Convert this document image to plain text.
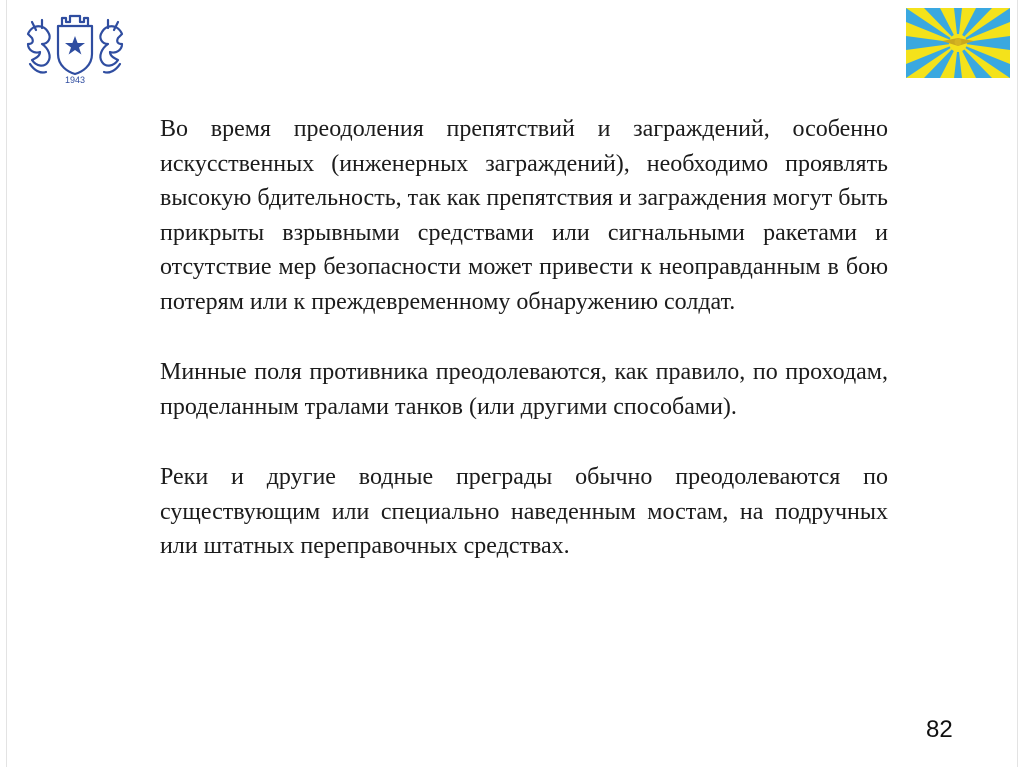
1943

Во время преодоления препятствий и заграждений, особенно искусственных (инженерных заграждений), необходимо проявлять высокую бдительность, так как препятствия и заграждения могут быть прикрыты взрывными средствами или сигнальными ракетами и отсутствие мер безопасности может привести к неоправданным в бою потерям или к преждевременному обнаружению солдат.

Минные поля противника преодолеваются, как правило, по проходам, проделанным тралами танков (или другими способами).

Реки и другие водные преграды обычно преодолеваются по существующим или специально наведенным мостам, на подручных или штатных переправочных средствах.

82
